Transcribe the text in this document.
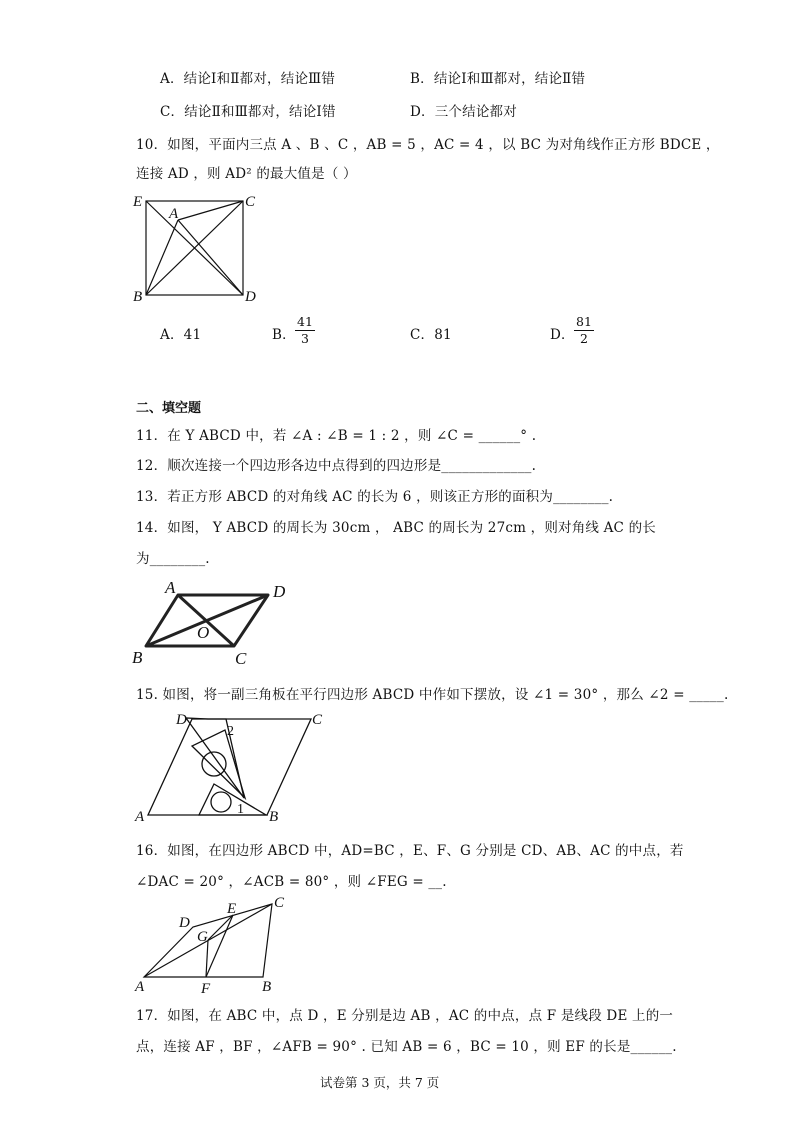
A．结论Ⅰ和Ⅱ都对，结论Ⅲ错	B．结论Ⅰ和Ⅲ都对，结论Ⅱ错
C．结论Ⅱ和Ⅲ都对，结论Ⅰ错	D．三个结论都对
10．如图，平面内三点 A 、B 、C ，AB = 5 ，AC = 4 ，以 BC 为对角线作正方形 BDCE ，
连接 AD ，则 AD² 的最大值是（ ）
E	C
A
B	D
A．41	B． $\frac{41}{3}$	C．81	D． $\frac{81}{2}$
二、填空题
11．在 Y ABCD 中，若 ∠A : ∠B = 1 : 2 ，则 ∠C = ______° .
12．顺次连接一个四边形各边中点得到的四边形是_____________.
13．若正方形 ABCD 的对角线 AC 的长为 6 ，则该正方形的面积为________.
14．如图， Y ABCD 的周长为 30cm ， ABC 的周长为 27cm ，则对角线 AC 的长
为________.
A	D
O
B	C
15. 如图，将一副三角板在平行四边形 ABCD 中作如下摆放，设 ∠1 = 30° ，那么 ∠2 = _____.
D	C
A	B
1
2
16．如图，在四边形 ABCD 中，AD=BC ，E、F、G 分别是 CD、AB、AC 的中点，若
∠DAC = 20° ，∠ACB = 80° ，则 ∠FEG = __.
D
E	C
G
A	F	B
17．如图，在 ABC 中，点 D ，E 分别是边 AB ，AC 的中点，点 F 是线段 DE 上的一
点，连接 AF ，BF ，∠AFB = 90° . 已知 AB = 6 ，BC = 10 ，则 EF 的长是______.
试卷第 3 页，共 7 页
